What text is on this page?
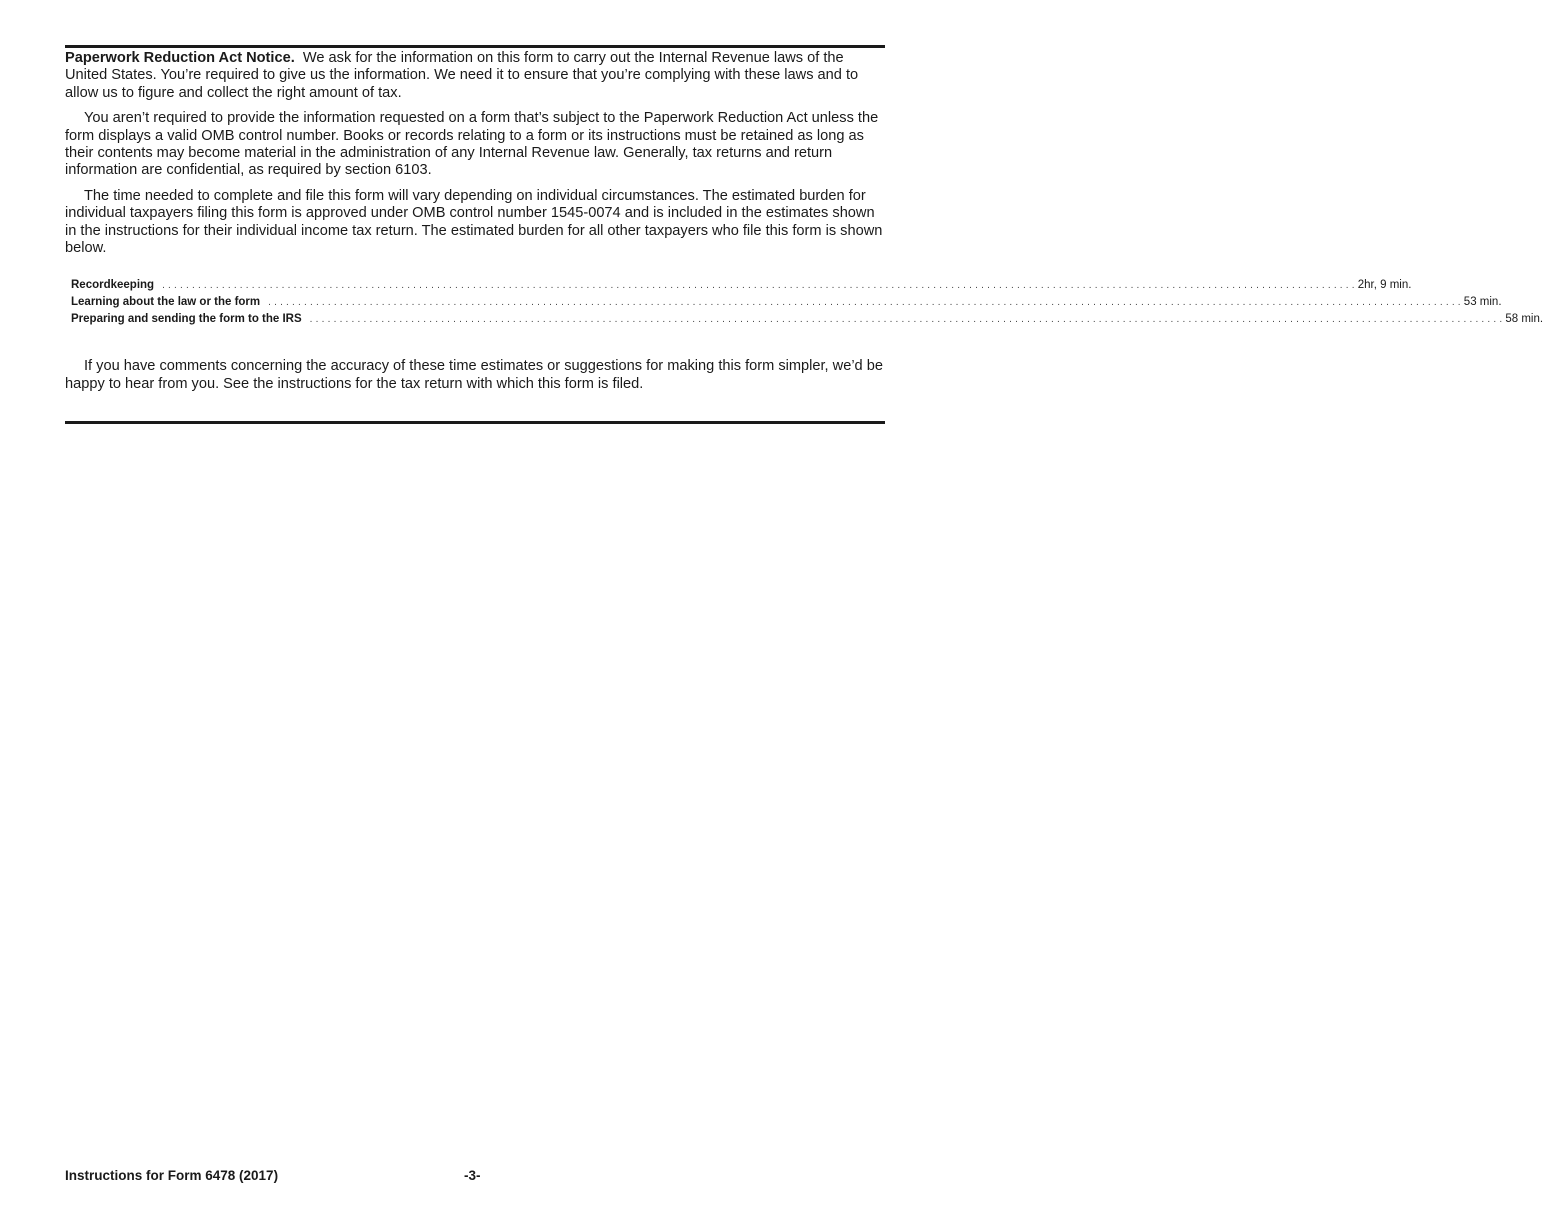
Paperwork Reduction Act Notice. We ask for the information on this form to carry out the Internal Revenue laws of the United States. You’re required to give us the information. We need it to ensure that you’re complying with these laws and to allow us to figure and collect the right amount of tax.

You aren’t required to provide the information requested on a form that’s subject to the Paperwork Reduction Act unless the form displays a valid OMB control number. Books or records relating to a form or its instructions must be retained as long as their contents may become material in the administration of any Internal Revenue law. Generally, tax returns and return information are confidential, as required by section 6103.

The time needed to complete and file this form will vary depending on individual circumstances. The estimated burden for individual taxpayers filing this form is approved under OMB control number 1545-0074 and is included in the estimates shown in the instructions for their individual income tax return. The estimated burden for all other taxpayers who file this form is shown below.

Recordkeeping ........................................................................................................................................................................................................ 2hr, 9 min.
Learning about the law or the form ........................................................................................................................................................................................................ 53 min.
Preparing and sending the form to the IRS ........................................................................................................................................................................................................ 58 min.

If you have comments concerning the accuracy of these time estimates or suggestions for making this form simpler, we’d be happy to hear from you. See the instructions for the tax return with which this form is filed.

Instructions for Form 6478 (2017)	-3-
